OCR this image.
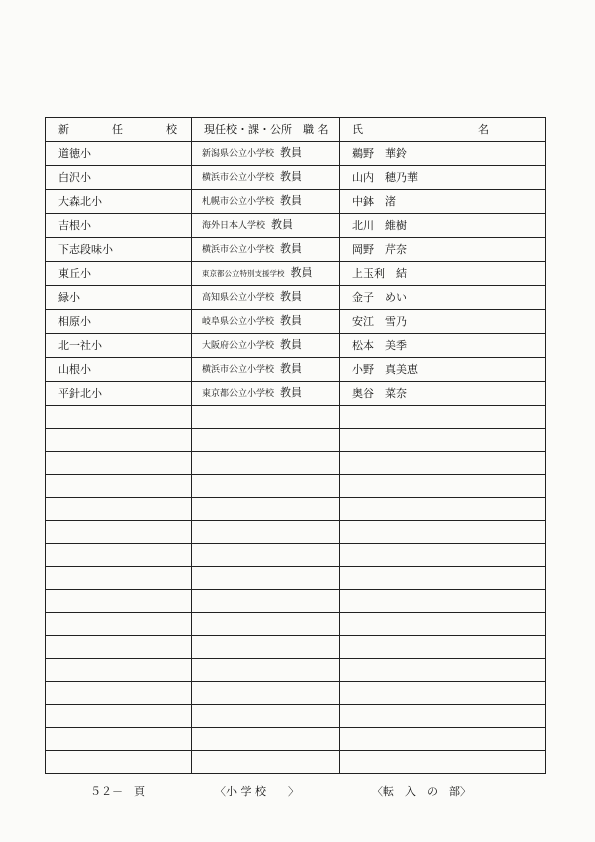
新 任 校	現任校・課・公所　職 名	氏 名

道徳小	新潟県公立小学校 教員	鵜野　華鈴
白沢小	横浜市公立小学校 教員	山内　穂乃華
大森北小	札幌市公立小学校 教員	中鉢　渚
吉根小	海外日本人学校 教員	北川　維樹
下志段味小	横浜市公立小学校 教員	岡野　芹奈
東丘小	東京都公立特別支援学校 教員	上玉利　結
緑小	高知県公立小学校 教員	金子　めい
相原小	岐阜県公立小学校 教員	安江　雪乃
北一社小	大阪府公立小学校 教員	松本　美季
山根小	横浜市公立小学校 教員	小野　真美恵
平針北小	東京都公立小学校 教員	奥谷　菜奈

５２－　頁	〈小 学 校　　〉	〈転　入　の　部〉
